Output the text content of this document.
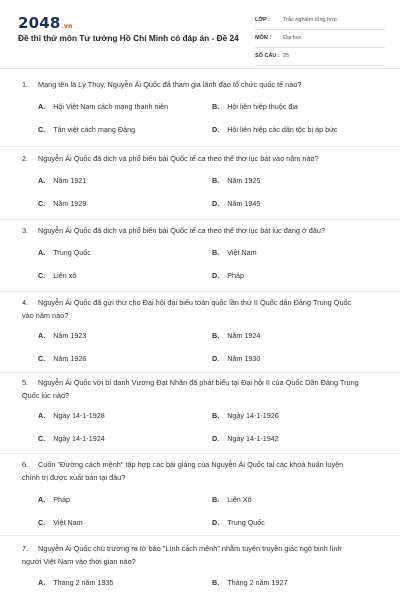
2048.vn
Đề thi thử môn Tư tưởng Hồ Chí Minh có đáp án - Đề 24
LỚP : Trắc nghiệm tổng hợp
MÔN : Đại học
SỐ CÂU : 25
1. Mạng tên là Lý Thụy, Nguyễn Ái Quốc đã tham gia lãnh đạo tổ chức quốc tế nào?
A. Hội Việt Nam cách mạng thanh niên	B. Hội liên hiệp thuộc địa
C. Tân việt cách mạng Đảng	D. Hội liên hiệp các dân tộc bị áp bức
2. Nguyễn Ái Quốc đã dịch và phổ biến bài Quốc tế ca theo thể thơ lục bát vào năm nào?
A. Năm 1921	B. Năm 1925
C. Năm 1929	D. Năm 1945
3. Nguyễn Ái Quốc đã dịch và phổ biến bài Quốc tế ca theo thể thơ lục bát lúc đang ở đâu?
A. Trung Quốc	B. Việt Nam
C. Liên xô	D. Pháp
4. Nguyễn Ái Quốc đã gửi thư cho Đại hội đại biểu toàn quốc lần thứ II Quốc dân Đảng Trung Quốc vào năm nào?
A. Năm 1923	B. Năm 1924
C. Năm 1926	D. Năm 1930
5. Nguyễn Ái Quốc với bí danh Vương Đạt Nhân đã phát biểu tại Đại hội II của Quốc Dân Đảng Trung Quốc lúc nào?
A. Ngày 14-1-1928	B. Ngày 14-1-1926
C. Ngày 14-1-1924	D. Ngày 14-1-1942
6. Cuốn "Đường cách mệnh" tập hợp các bài giảng của Nguyễn Ái Quốc tại các khoá huấn luyện chính trị được xuất bản tại đâu?
A. Pháp	B. Liên Xô
C. Việt Nam	D. Trung Quốc
7. Nguyễn Ái Quốc chủ trương ra tờ báo "Lính cách mệnh" nhằm tuyên truyền giác ngộ binh lính người Việt Nam vào thời gian nào?
A. Tháng 2 năm 1935	B. Tháng 2 năm 1927
